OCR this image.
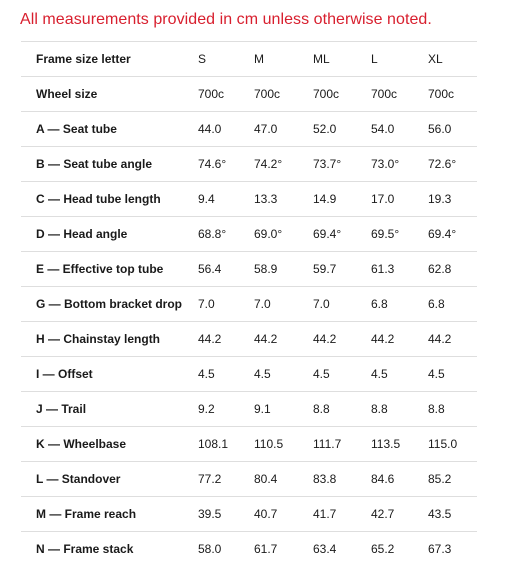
All measurements provided in cm unless otherwise noted.
Frame size letter	S	M	ML	L	XL
Wheel size	700c	700c	700c	700c	700c
A — Seat tube	44.0	47.0	52.0	54.0	56.0
B — Seat tube angle	74.6°	74.2°	73.7°	73.0°	72.6°
C — Head tube length	9.4	13.3	14.9	17.0	19.3
D — Head angle	68.8°	69.0°	69.4°	69.5°	69.4°
E — Effective top tube	56.4	58.9	59.7	61.3	62.8
G — Bottom bracket drop	7.0	7.0	7.0	6.8	6.8
H — Chainstay length	44.2	44.2	44.2	44.2	44.2
I — Offset	4.5	4.5	4.5	4.5	4.5
J — Trail	9.2	9.1	8.8	8.8	8.8
K — Wheelbase	108.1	110.5	111.7	113.5	115.0
L — Standover	77.2	80.4	83.8	84.6	85.2
M — Frame reach	39.5	40.7	41.7	42.7	43.5
N — Frame stack	58.0	61.7	63.4	65.2	67.3
